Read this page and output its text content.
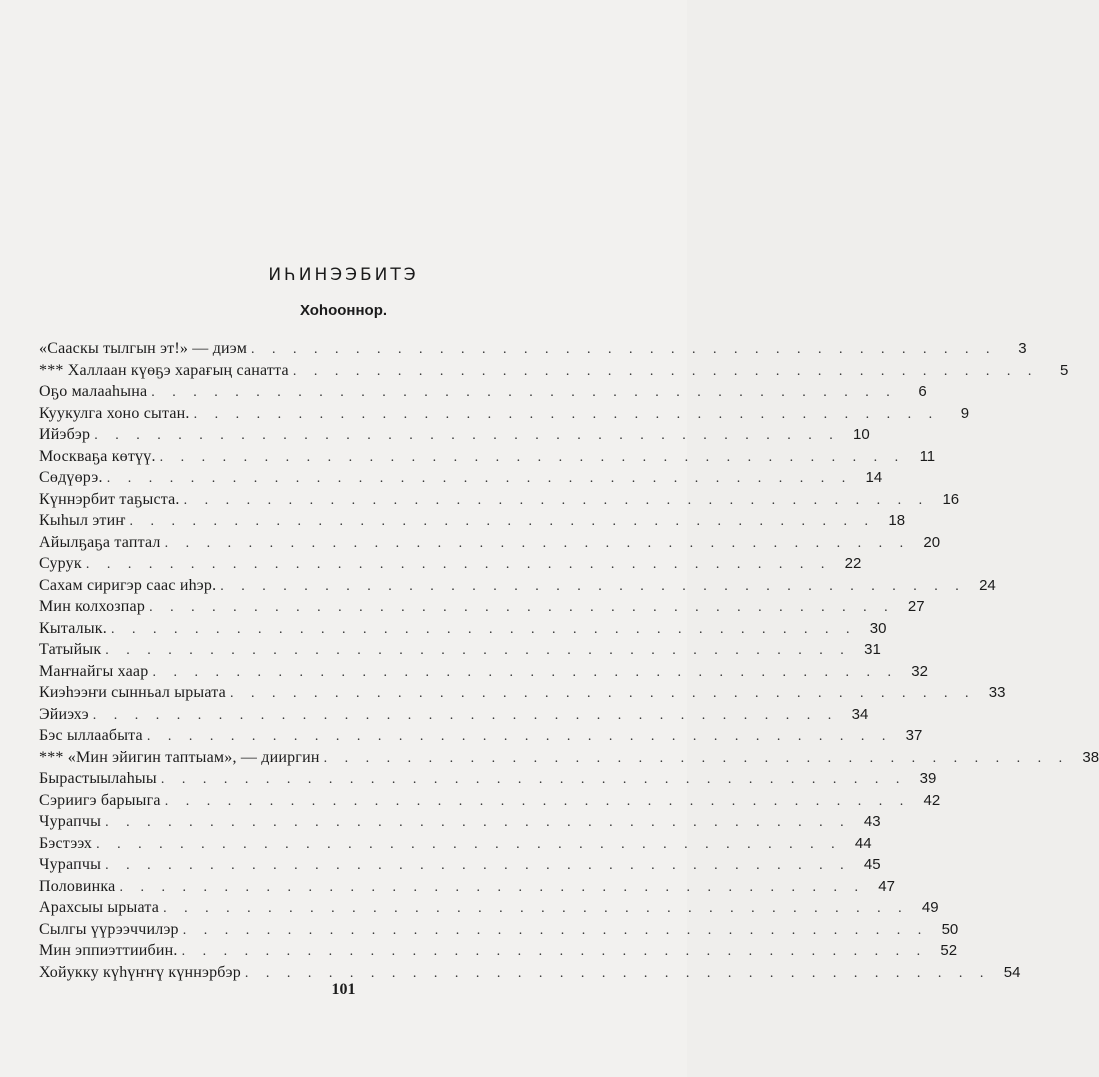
ИҺИНЭЭБИТЭ
Хоһооннор.
«Сааскы тылгын эт!» — диэм . . . . . . . . . . . . . . . . . . . . . . . . . . . . . . . . . . . .	3
*** Халлаан күөҕэ харағың санатта . . . . . . . . . . . . . . . . . . . . . . . . . . . . . . . . . . . .	5
Оҕо малааһына . . . . . . . . . . . . . . . . . . . . . . . . . . . . . . . . . . . .	6
Куукулга хоно сытан. . . . . . . . . . . . . . . . . . . . . . . . . . . . . . . . . . . . .	9
Ийэбэр . . . . . . . . . . . . . . . . . . . . . . . . . . . . . . . . . . . . 10
Москваҕа көтүү. . . . . . . . . . . . . . . . . . . . . . . . . . . . . . . . . . . . . 11
Сөдүөрэ. . . . . . . . . . . . . . . . . . . . . . . . . . . . . . . . . . . . . 14
Күннэрбит таҕыста. . . . . . . . . . . . . . . . . . . . . . . . . . . . . . . . . . . . . 16
Кыһыл этиҥ . . . . . . . . . . . . . . . . . . . . . . . . . . . . . . . . . . . . 18
Айылҕаҕа таптал . . . . . . . . . . . . . . . . . . . . . . . . . . . . . . . . . . . . 20
Сурук . . . . . . . . . . . . . . . . . . . . . . . . . . . . . . . . . . . . 22
Сахам сиригэр саас иһэр. . . . . . . . . . . . . . . . . . . . . . . . . . . . . . . . . . . . . 24
Мин колхозпар . . . . . . . . . . . . . . . . . . . . . . . . . . . . . . . . . . . . 27
Кыталык. . . . . . . . . . . . . . . . . . . . . . . . . . . . . . . . . . . . . 30
Татыйык . . . . . . . . . . . . . . . . . . . . . . . . . . . . . . . . . . . . 31
Маҥнайгы хаар . . . . . . . . . . . . . . . . . . . . . . . . . . . . . . . . . . . . 32
Киэһээҥи сынньал ырыата . . . . . . . . . . . . . . . . . . . . . . . . . . . . . . . . . . . . 33
Эйиэхэ . . . . . . . . . . . . . . . . . . . . . . . . . . . . . . . . . . . . 34
Бэс ыллаабыта . . . . . . . . . . . . . . . . . . . . . . . . . . . . . . . . . . . . 37
*** «Мин эйигин таптыам», — дииргин . . . . . . . . . . . . . . . . . . . . . . . . . . . . . . . . . . . . 38
Быраcтыылаһыы . . . . . . . . . . . . . . . . . . . . . . . . . . . . . . . . . . . . 39
Сэриигэ барыыга . . . . . . . . . . . . . . . . . . . . . . . . . . . . . . . . . . . . 42
Чурапчы . . . . . . . . . . . . . . . . . . . . . . . . . . . . . . . . . . . . 43
Бэстээх . . . . . . . . . . . . . . . . . . . . . . . . . . . . . . . . . . . . 44
Чурапчы . . . . . . . . . . . . . . . . . . . . . . . . . . . . . . . . . . . . 45
Половинка . . . . . . . . . . . . . . . . . . . . . . . . . . . . . . . . . . . . 47
Арахсыы ырыата . . . . . . . . . . . . . . . . . . . . . . . . . . . . . . . . . . . . 49
Сылгы үүрээччилэр . . . . . . . . . . . . . . . . . . . . . . . . . . . . . . . . . . . . 50
Мин эппиэттиибин. . . . . . . . . . . . . . . . . . . . . . . . . . . . . . . . . . . . . 52
Хойукку күһүҥҥү күннэрбэр . . . . . . . . . . . . . . . . . . . . . . . . . . . . . . . . . . . . 54
101
